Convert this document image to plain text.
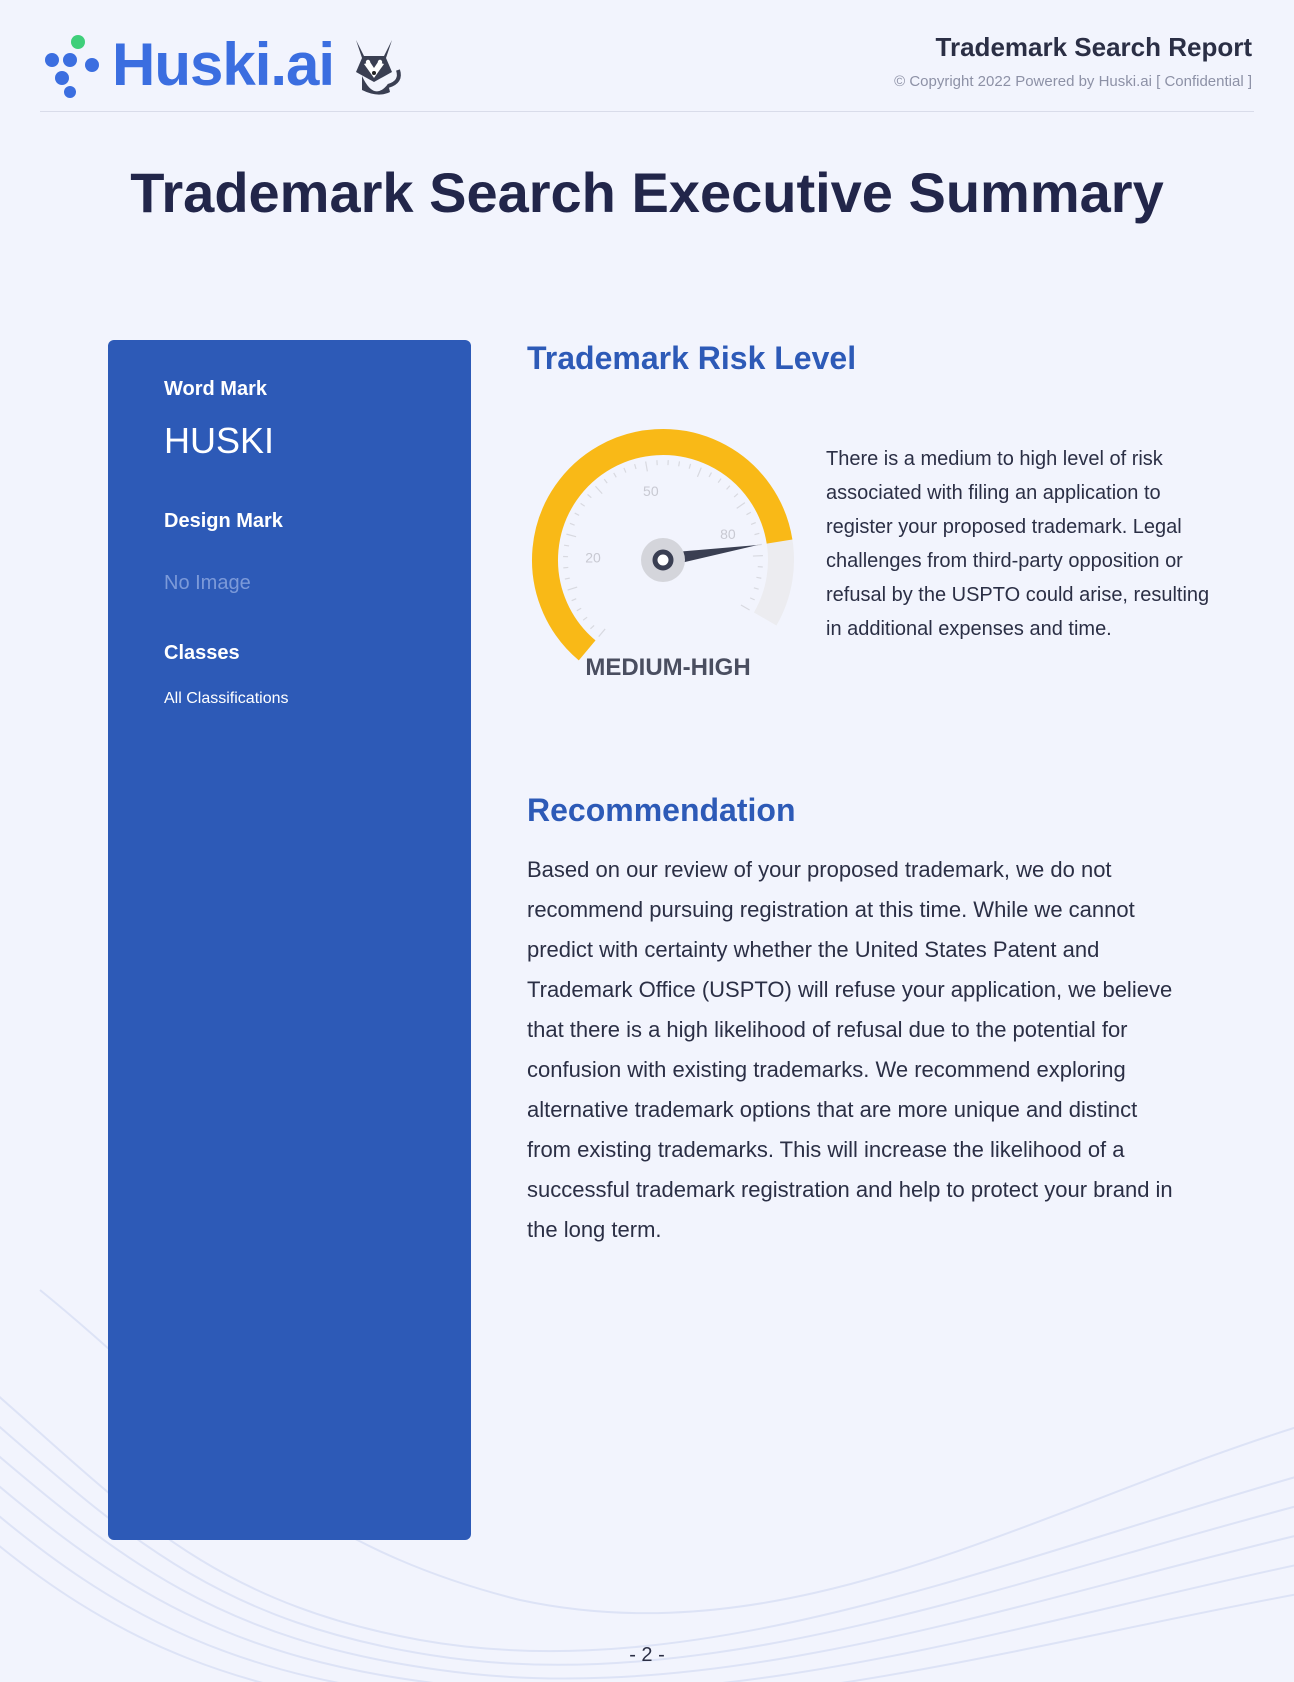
Huski.ai	Trademark Search Report
© Copyright 2022 Powered by Huski.ai [ Confidential ]
Trademark Search Executive Summary
Word Mark
HUSKI
Design Mark
No Image
Classes
All Classifications
Trademark Risk Level
20
50
80
MEDIUM-HIGH
There is a medium to high level of risk associated with filing an application to register your proposed trademark. Legal challenges from third-party opposition or refusal by the USPTO could arise, resulting in additional expenses and time.
Recommendation
Based on our review of your proposed trademark, we do not recommend pursuing registration at this time. While we cannot predict with certainty whether the United States Patent and Trademark Office (USPTO) will refuse your application, we believe that there is a high likelihood of refusal due to the potential for confusion with existing trademarks. We recommend exploring alternative trademark options that are more unique and distinct from existing trademarks. This will increase the likelihood of a successful trademark registration and help to protect your brand in the long term.
- 2 -
